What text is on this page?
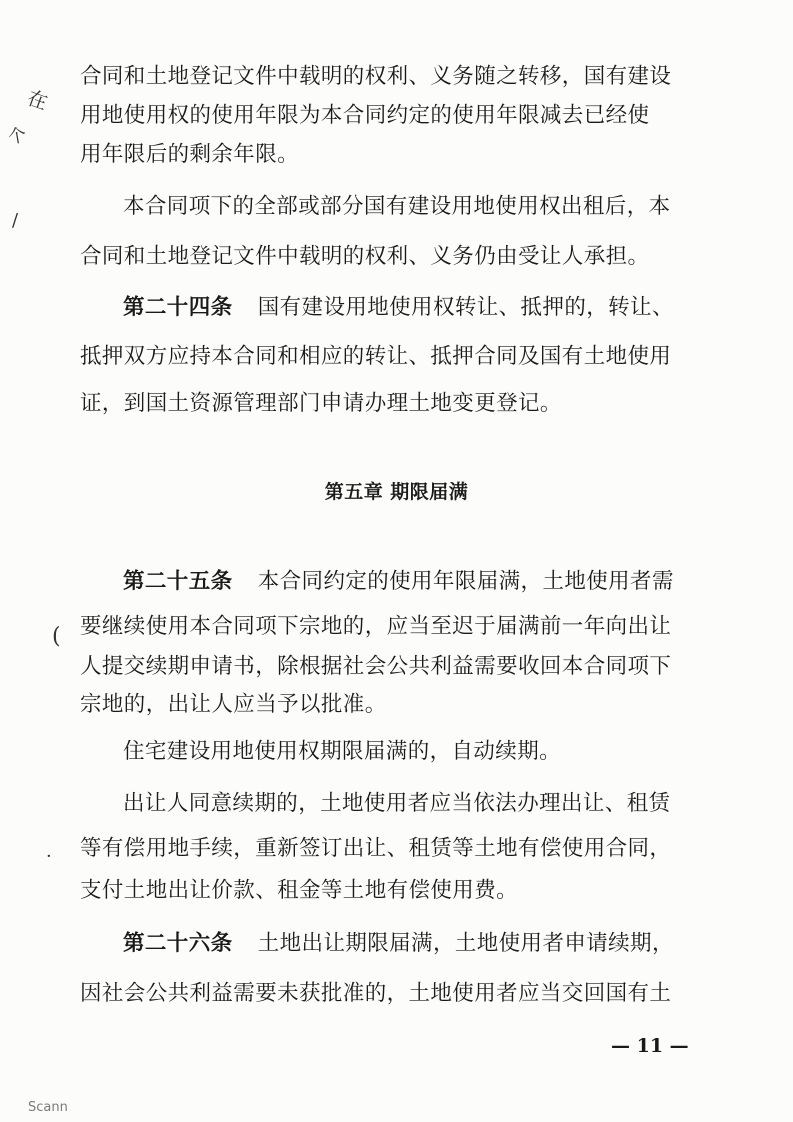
在
个
/
(
·
合同和土地登记文件中载明的权利、义务随之转移，国有建设
用地使用权的使用年限为本合同约定的使用年限减去已经使
用年限后的剩余年限。
本合同项下的全部或部分国有建设用地使用权出租后，本
合同和土地登记文件中载明的权利、义务仍由受让人承担。
第二十四条 国有建设用地使用权转让、抵押的，转让、
抵押双方应持本合同和相应的转让、抵押合同及国有土地使用
证，到国土资源管理部门申请办理土地变更登记。
第五章 期限届满
第二十五条 本合同约定的使用年限届满，土地使用者需
要继续使用本合同项下宗地的，应当至迟于届满前一年向出让
人提交续期申请书，除根据社会公共利益需要收回本合同项下
宗地的，出让人应当予以批准。
住宅建设用地使用权期限届满的，自动续期。
出让人同意续期的，土地使用者应当依法办理出让、租赁
等有偿用地手续，重新签订出让、租赁等土地有偿使用合同，
支付土地出让价款、租金等土地有偿使用费。
第二十六条 土地出让期限届满，土地使用者申请续期，
因社会公共利益需要未获批准的，土地使用者应当交回国有土
— 11 —
Scann
